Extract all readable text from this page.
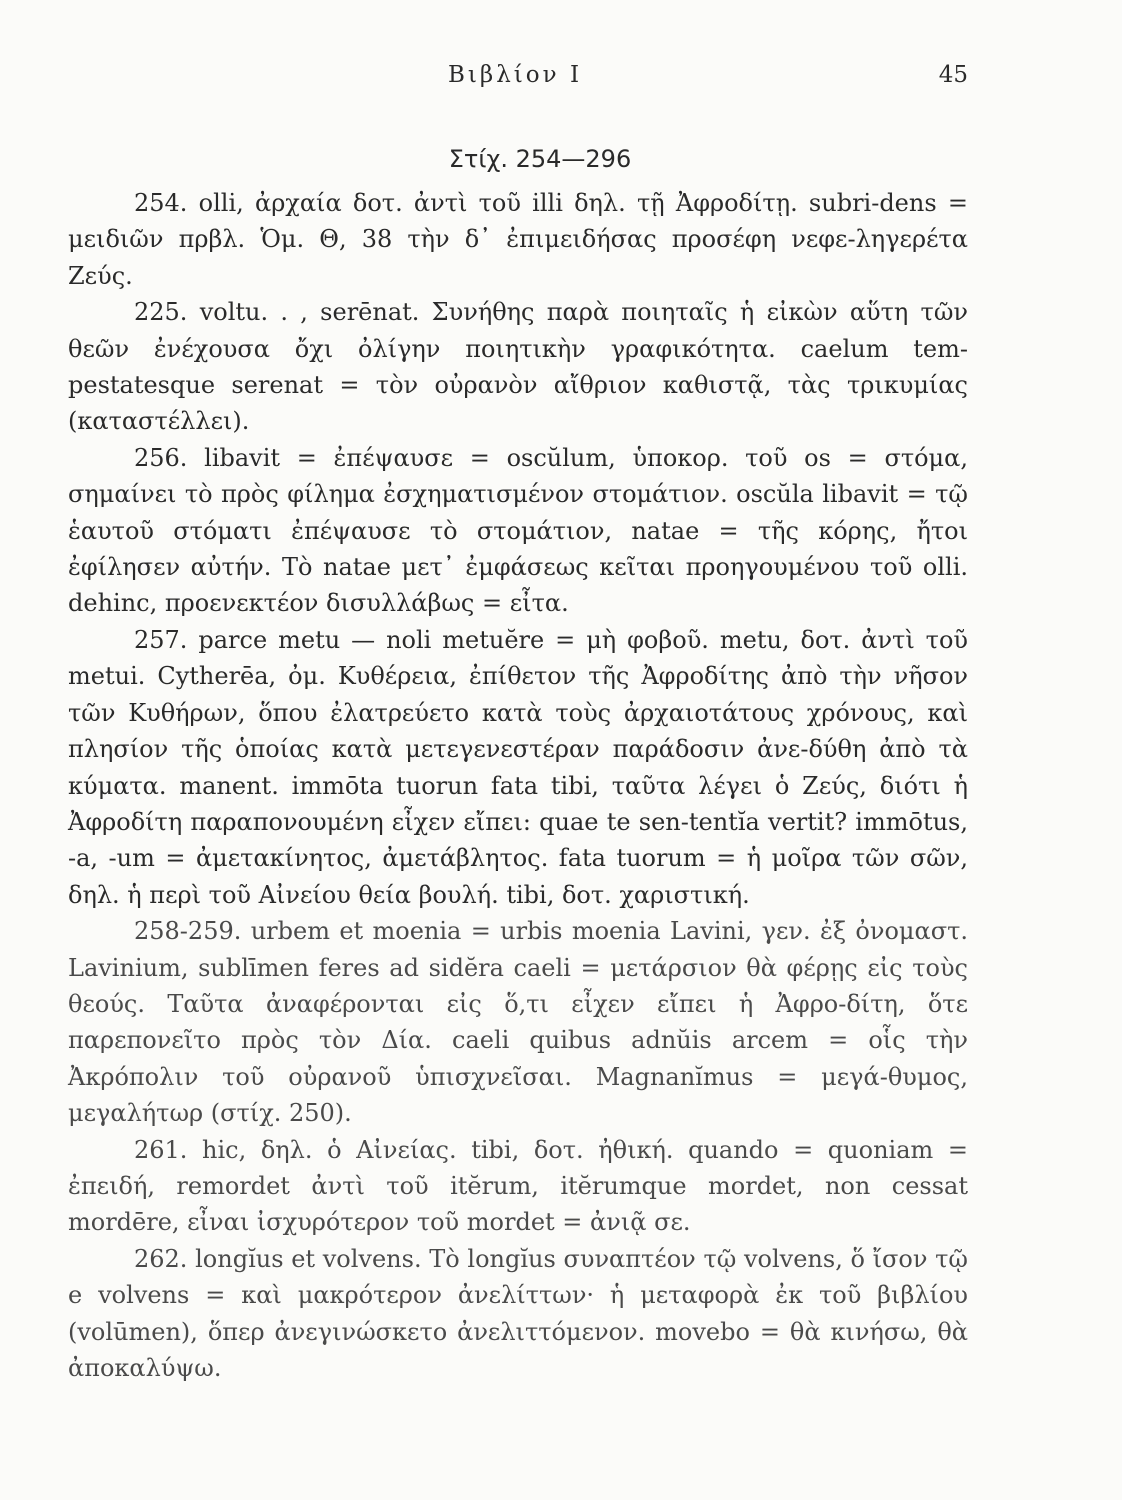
Βιβλίον Ι	45
Στίχ. 254—296

254. olli, ἀρχαία δοτ. ἀντὶ τοῦ illi δηλ. τῇ Ἀφροδίτῃ. subri-dens = μειδιῶν πρβλ. Ὁμ. Θ, 38 τὴν δ᾽ ἐπιμειδήσας προσέφη νεφε-ληγερέτα Ζεύς.

225. voltu. . , serēnat. Συνήθης παρὰ ποιηταῖς ἡ εἰκὼν αὕτη τῶν θεῶν ἐνέχουσα ὄχι ὀλίγην ποιητικὴν γραφικότητα. caelum tem-pestatesque serenat = τὸν οὐρανὸν αἴθριον καθιστᾷ, τὰς τρικυμίας (καταστέλλει).

256. libavit = ἐπέψαυσε = oscŭlum, ὑποκορ. τοῦ os = στόμα, σημαίνει τὸ πρὸς φίλημα ἐσχηματισμένον στομάτιον. oscŭla libavit = τῷ ἑαυτοῦ στόματι ἐπέψαυσε τὸ στομάτιον, natae = τῆς κόρης, ἤτοι ἐφίλησεν αὐτήν. Τὸ natae μετ᾽ ἐμφάσεως κεῖται προηγουμένου τοῦ olli. dehinc, προενεκτέον δισυλλάβως = εἶτα.

257. parce metu — noli metuĕre = μὴ φοβοῦ. metu, δοτ. ἀντὶ τοῦ metui. Cytherēa, ὀμ. Κυθέρεια, ἐπίθετον τῆς Ἀφροδίτης ἀπὸ τὴν νῆσον τῶν Κυθήρων, ὅπου ἐλατρεύετο κατὰ τοὺς ἀρχαιοτάτους χρόνους, καὶ πλησίον τῆς ὁποίας κατὰ μετεγενεστέραν παράδοσιν ἀνε-δύθη ἀπὸ τὰ κύματα. manent. immōta tuorun fata tibi, ταῦτα λέγει ὁ Ζεύς, διότι ἡ Ἀφροδίτη παραπονουμένη εἶχεν εἴπει: quae te sen-tentĭa vertit? immōtus, -a, -um = ἀμετακίνητος, ἀμετάβλητος. fata tuorum = ἡ μοῖρα τῶν σῶν, δηλ. ἡ περὶ τοῦ Αἰνείου θεία βουλή. tibi, δοτ. χαριστική.

258-259. urbem et moenia = urbis moenia Lavini, γεν. ἐξ ὀνομαστ. Lavinium, sublīmen feres ad sidĕra caeli = μετάρσιον θὰ φέρῃς εἰς τοὺς θεούς. Ταῦτα ἀναφέρονται εἰς ὅ,τι εἶχεν εἴπει ἡ Ἀφρο-δίτη, ὅτε παρεπονεῖτο πρὸς τὸν Δία. caeli quibus adnŭis arcem = οἷς τὴν Ἀκρόπολιν τοῦ οὐρανοῦ ὑπισχνεῖσαι. Magnanĭmus = μεγά-θυμος, μεγαλήτωρ (στίχ. 250).

261. hic, δηλ. ὁ Αἰνείας. tibi, δοτ. ἠθική. quando = quoniam = ἐπειδή, remordet ἀντὶ τοῦ itĕrum, itĕrumque mordet, non cessat mordēre, εἶναι ἰσχυρότερον τοῦ mordet = ἀνιᾷ σε.

262. longĭus et volvens. Τὸ longĭus συναπτέον τῷ volvens, ὅ ἴσον τῷ e volvens = καὶ μακρότερον ἀνελίττων· ἡ μεταφορὰ ἐκ τοῦ βιβλίου (volūmen), ὅπερ ἀνεγινώσκετο ἀνελιττόμενον. movebo = θὰ κινήσω, θὰ ἀποκαλύψω.
